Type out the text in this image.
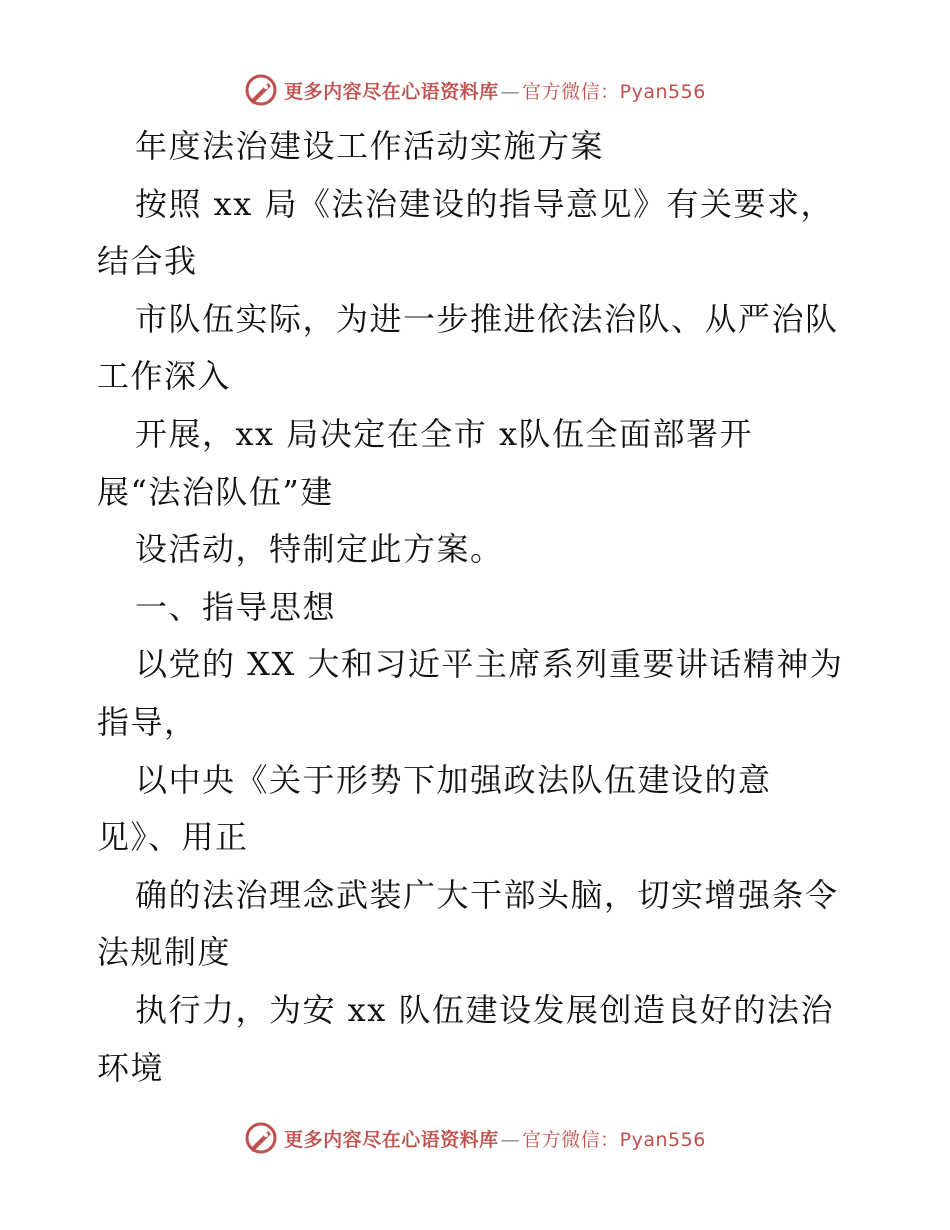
更多内容尽在心语资料库 — 官方微信：Pyan556
年度法治建设工作活动实施方案
按照 xx 局《法治建设的指导意见》有关要求，
结合我
市队伍实际，为进一步推进依法治队、从严治队
工作深入
开展，xx 局决定在全市 x队伍全面部署开
展“法治队伍”建
设活动，特制定此方案。
一、指导思想
以党的 XX 大和习近平主席系列重要讲话精神为
指导，
以中央《关于形势下加强政法队伍建设的意
见》、用正
确的法治理念武装广大干部头脑，切实增强条令
法规制度
执行力，为安 xx 队伍建设发展创造良好的法治
环境
更多内容尽在心语资料库 — 官方微信：Pyan556
